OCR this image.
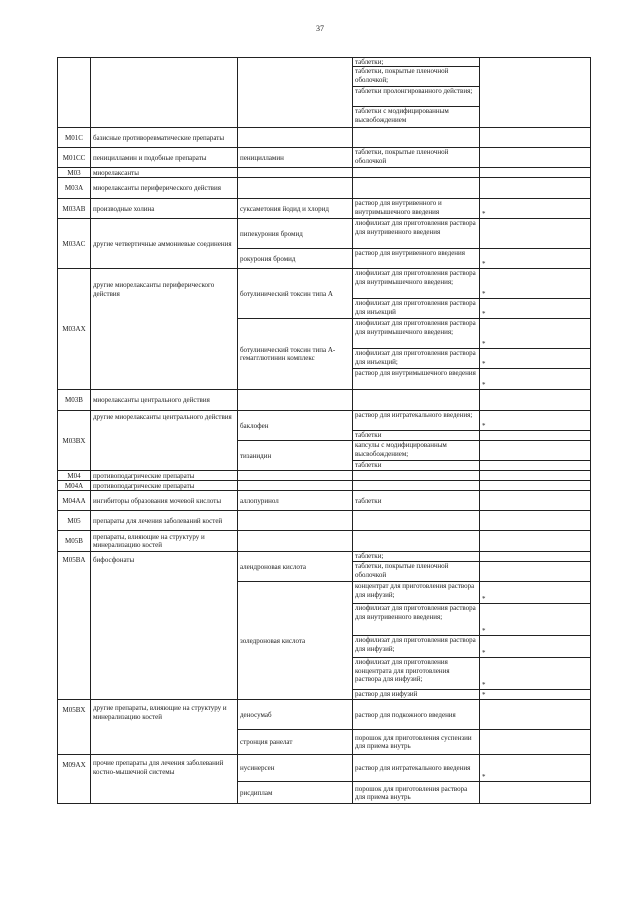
37
			таблетки;	
			таблетки, покрытые пленочной оболочкой;	
			таблетки пролонгированного действия;	
			таблетки с модифицированным высвобождением	
M01C	базисные противоревматические препараты			
M01CC	пеницилламин и подобные препараты	пеницилламин	таблетки, покрытые пленочной оболочкой	
M03	миорелаксанты			
M03A	миорелаксанты периферического действия			
M03AB	производные холина	суксаметония йодид и хлорид	раствор для внутривенного и внутримышечного введения	*
M03AC	другие четвертичные аммониевые соединения	пипекурония бромид	лиофилизат для приготовления раствора для внутривенного введения	
		рокурония бромид	раствор для внутривенного введения	*
M03AX	другие миорелаксанты периферического действия	ботулинический токсин типа А	лиофилизат для приготовления раствора для внутримышечного введения;	*
			лиофилизат для приготовления раствора для инъекций	*
		ботулинический токсин типа А-гемагглютинин комплекс	лиофилизат для приготовления раствора для внутримышечного введения;	*
			лиофилизат для приготовления раствора для инъекций;	*
			раствор для внутримышечного введения	*
M03B	миорелаксанты центрального действия			
M03BX	другие миорелаксанты центрального действия	баклофен	раствор для интратекального введения;	*
			таблетки	
		тизанидин	капсулы с модифицированным высвобождением;	
			таблетки	
M04	противоподагрические препараты			
M04A	противоподагрические препараты			
M04AA	ингибиторы образования мочевой кислоты	аллопуринол	таблетки	
M05	препараты для лечения заболеваний костей			
M05B	препараты, влияющие на структуру и минерализацию костей			
M05BA	бифосфонаты	алендроновая кислота	таблетки;	
			таблетки, покрытые пленочной оболочкой	
		золедроновая кислота	концентрат для приготовления раствора для инфузий;	*
			лиофилизат для приготовления раствора для внутривенного введения;	*
			лиофилизат для приготовления раствора для инфузий;	*
			лиофилизат для приготовления концентрата для приготовления раствора для инфузий;	*
			раствор для инфузий	*
M05BX	другие препараты, влияющие на структуру и минерализацию костей	деносумаб	раствор для подкожного введения	
		стронция ранелат	порошок для приготовления суспензии для приема внутрь	
M09AX	прочие препараты для лечения заболеваний костно-мышечной системы	нусинерсен	раствор для интратекального введения	*
		рисдиплам	порошок для приготовления раствора для приема внутрь	
